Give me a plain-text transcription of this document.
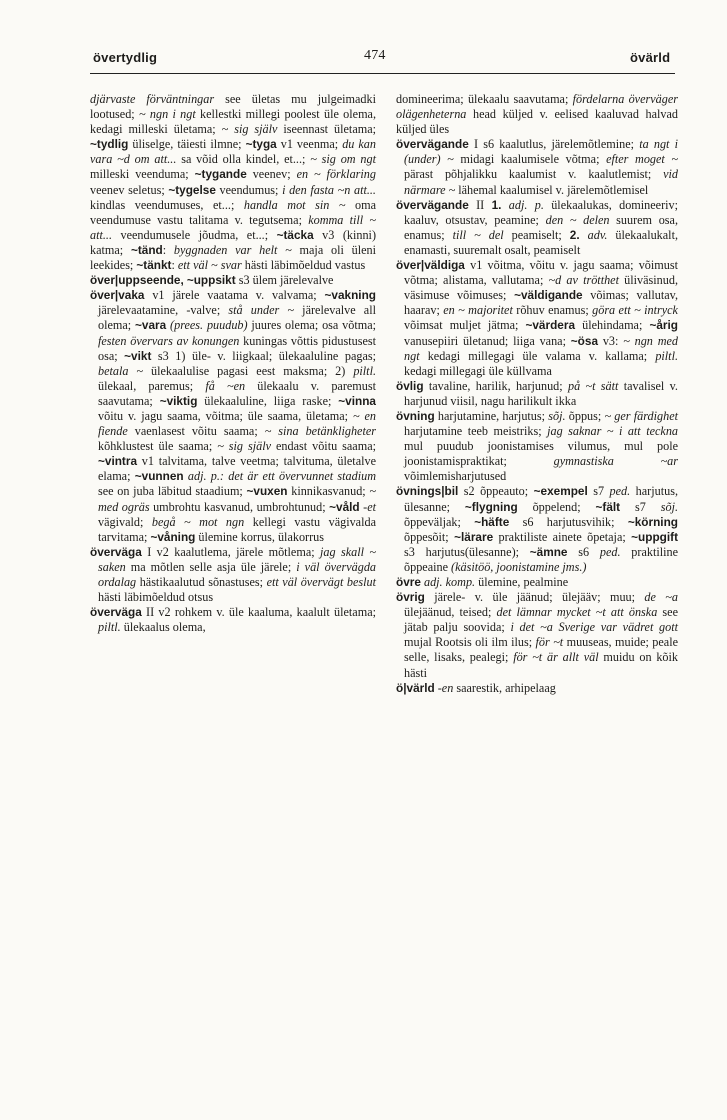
övertydlig	474	övärld

djärvaste förväntningar see ületas mu julgeimadki lootused; ~ ngn i ngt kellestki millegi poolest üle olema, kedagi milleski ületama; ~ sig själv iseennast ületama; ~tydlig üliselge, täiesti ilmne; ~tyga v1 veenma; du kan vara ~d om att... sa võid olla kindel, et...; ~ sig om ngt milleski veenduma; ~tygande veenev; en ~ förklaring veenev seletus; ~tygelse veendumus; i den fasta ~n att... kindlas veendumuses, et...; handla mot sin ~ oma veendumuse vastu talitama v. tegutsema; komma till ~ att... veendumusele jõudma, et...; ~täcka v3 (kinni) katma; ~tänd: byggnaden var helt ~ maja oli üleni leekides; ~tänkt: ett väl ~ svar hästi läbimõeldud vastus

över|uppseende, ~uppsikt s3 ülem järelevalve

över|vaka v1 järele vaatama v. valvama; ~vakning järelevaatamine, -valve; stå under ~ järelevalve all olema; ~vara (prees. puudub) juures olema; osa võtma; festen övervars av konungen kuningas võttis pidustusest osa; ~vikt s3 1) üle- v. liigkaal; ülekaaluline pagas; betala ~ ülekaalulise pagasi eest maksma; 2) piltl. ülekaal, paremus; få ~en ülekaalu v. paremust saavutama; ~viktig ülekaaluline, liiga raske; ~vinna võitu v. jagu saama, võitma; üle saama, ületama; ~ en fiende vaenlasest võitu saama; ~ sina betänkligheter kõhklustest üle saama; ~ sig själv endast võitu saama; ~vintra v1 talvitama, talve veetma; talvituma, ületalve elama; ~vunnen adj. p.: det är ett övervunnet stadium see on juba läbitud staadium; ~vuxen kinnikasvanud; ~ med ogräs umbrohtu kasvanud, umbrohtunud; ~våld -et vägivald; begå ~ mot ngn kellegi vastu vägivalda tarvitama; ~våning ülemine korrus, ülakorrus

överväga I v2 kaalutlema, järele mõtlema; jag skall ~ saken ma mõtlen selle asja üle järele; i väl övervägda ordalag hästikaalutud sõnastuses; ett väl övervägt beslut hästi läbimõeldud otsus

överväga II v2 rohkem v. üle kaaluma, kaalult ületama; piltl. ülekaalus olema,

domineerima; ülekaalu saavutama; fördelarna överväger olägenheterna head küljed v. eelised kaaluvad halvad küljed üles

övervägande I s6 kaalutlus, järelemõtlemine; ta ngt i (under) ~ midagi kaalumisele võtma; efter moget ~ pärast põhjalikku kaalumist v. kaalutlemist; vid närmare ~ lähemal kaalumisel v. järelemõtlemisel

övervägande II 1. adj. p. ülekaalukas, domineeriv; kaaluv, otsustav, peamine; den ~ delen suurem osa, enamus; till ~ del peamiselt; 2. adv. ülekaalukalt, enamasti, suuremalt osalt, peamiselt

över|väldiga v1 võitma, võitu v. jagu saama; võimust võtma; alistama, vallutama; ~d av trötthet üliväsinud, väsimuse võimuses; ~väldigande võimas; vallutav, haarav; en ~ majoritet rõhuv enamus; göra ett ~ intryck võimsat muljet jätma; ~värdera ülehindama; ~årig vanusepiiri ületanud; liiga vana; ~ösa v3: ~ ngn med ngt kedagi millegagi üle valama v. kallama; piltl. kedagi millegagi üle küllvama

övlig tavaline, harilik, harjunud; på ~t sätt tavalisel v. harjunud viisil, nagu harilikult ikka

övning harjutamine, harjutus; sõj. õppus; ~ ger färdighet harjutamine teeb meistriks; jag saknar ~ i att teckna mul puudub joonistamises vilumus, mul pole joonistamispraktikat; gymnastiska ~ar võimlemisharjutused

övnings|bil s2 õppeauto; ~exempel s7 ped. harjutus, ülesanne; ~flygning õppelend; ~fält s7 sõj. õppeväljak; ~häfte s6 harjutusvihik; ~körning õppesõit; ~lärare praktiliste ainete õpetaja; ~uppgift s3 harjutus(ülesanne); ~ämne s6 ped. praktiline õppeaine (käsitöö, joonistamine jms.)

övre adj. komp. ülemine, pealmine

övrig järele- v. üle jäänud; ülejääv; muu; de ~a ülejäänud, teised; det lämnar mycket ~t att önska see jätab palju soovida; i det ~a Sverige var vädret gott mujal Rootsis oli ilm ilus; för ~t muuseas, muide; peale selle, lisaks, pealegi; för ~t är allt väl muidu on kõik hästi

ö|värld -en saarestik, arhipelaag
